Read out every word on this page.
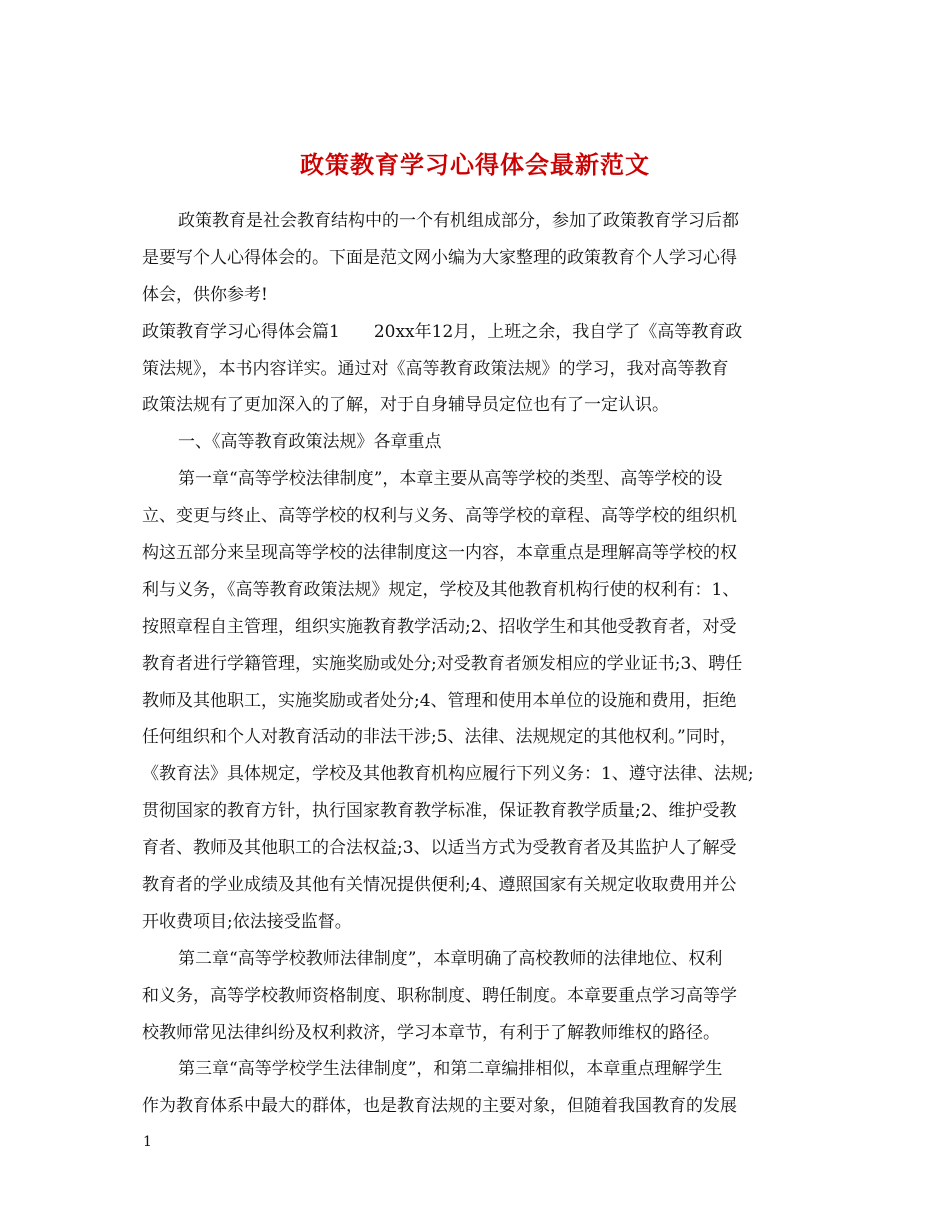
政策教育学习心得体会最新范文
政策教育是社会教育结构中的一个有机组成部分，参加了政策教育学习后都
是要写个人心得体会的。下面是范文网小编为大家整理的政策教育个人学习心得
体会，供你参考!
政策教育学习心得体会篇1　　20xx年12月，上班之余，我自学了《高等教育政
策法规》，本书内容详实。通过对《高等教育政策法规》的学习，我对高等教育
政策法规有了更加深入的了解，对于自身辅导员定位也有了一定认识。
一、《高等教育政策法规》各章重点
第一章“高等学校法律制度”，本章主要从高等学校的类型、高等学校的设
立、变更与终止、高等学校的权利与义务、高等学校的章程、高等学校的组织机
构这五部分来呈现高等学校的法律制度这一内容，本章重点是理解高等学校的权
利与义务，《高等教育政策法规》规定，学校及其他教育机构行使的权利有：1、
按照章程自主管理，组织实施教育教学活动;2、招收学生和其他受教育者，对受
教育者进行学籍管理，实施奖励或处分;对受教育者颁发相应的学业证书;3、聘任
教师及其他职工，实施奖励或者处分;4、管理和使用本单位的设施和费用，拒绝
任何组织和个人对教育活动的非法干涉;5、法律、法规规定的其他权利。”同时，
《教育法》具体规定，学校及其他教育机构应履行下列义务：1、遵守法律、法规;
贯彻国家的教育方针，执行国家教育教学标准，保证教育教学质量;2、维护受教
育者、教师及其他职工的合法权益;3、以适当方式为受教育者及其监护人了解受
教育者的学业成绩及其他有关情况提供便利;4、遵照国家有关规定收取费用并公
开收费项目;依法接受监督。
第二章“高等学校教师法律制度”，本章明确了高校教师的法律地位、权利
和义务，高等学校教师资格制度、职称制度、聘任制度。本章要重点学习高等学
校教师常见法律纠纷及权利救济，学习本章节，有利于了解教师维权的路径。
第三章“高等学校学生法律制度”，和第二章编排相似，本章重点理解学生
作为教育体系中最大的群体，也是教育法规的主要对象，但随着我国教育的发展
1
